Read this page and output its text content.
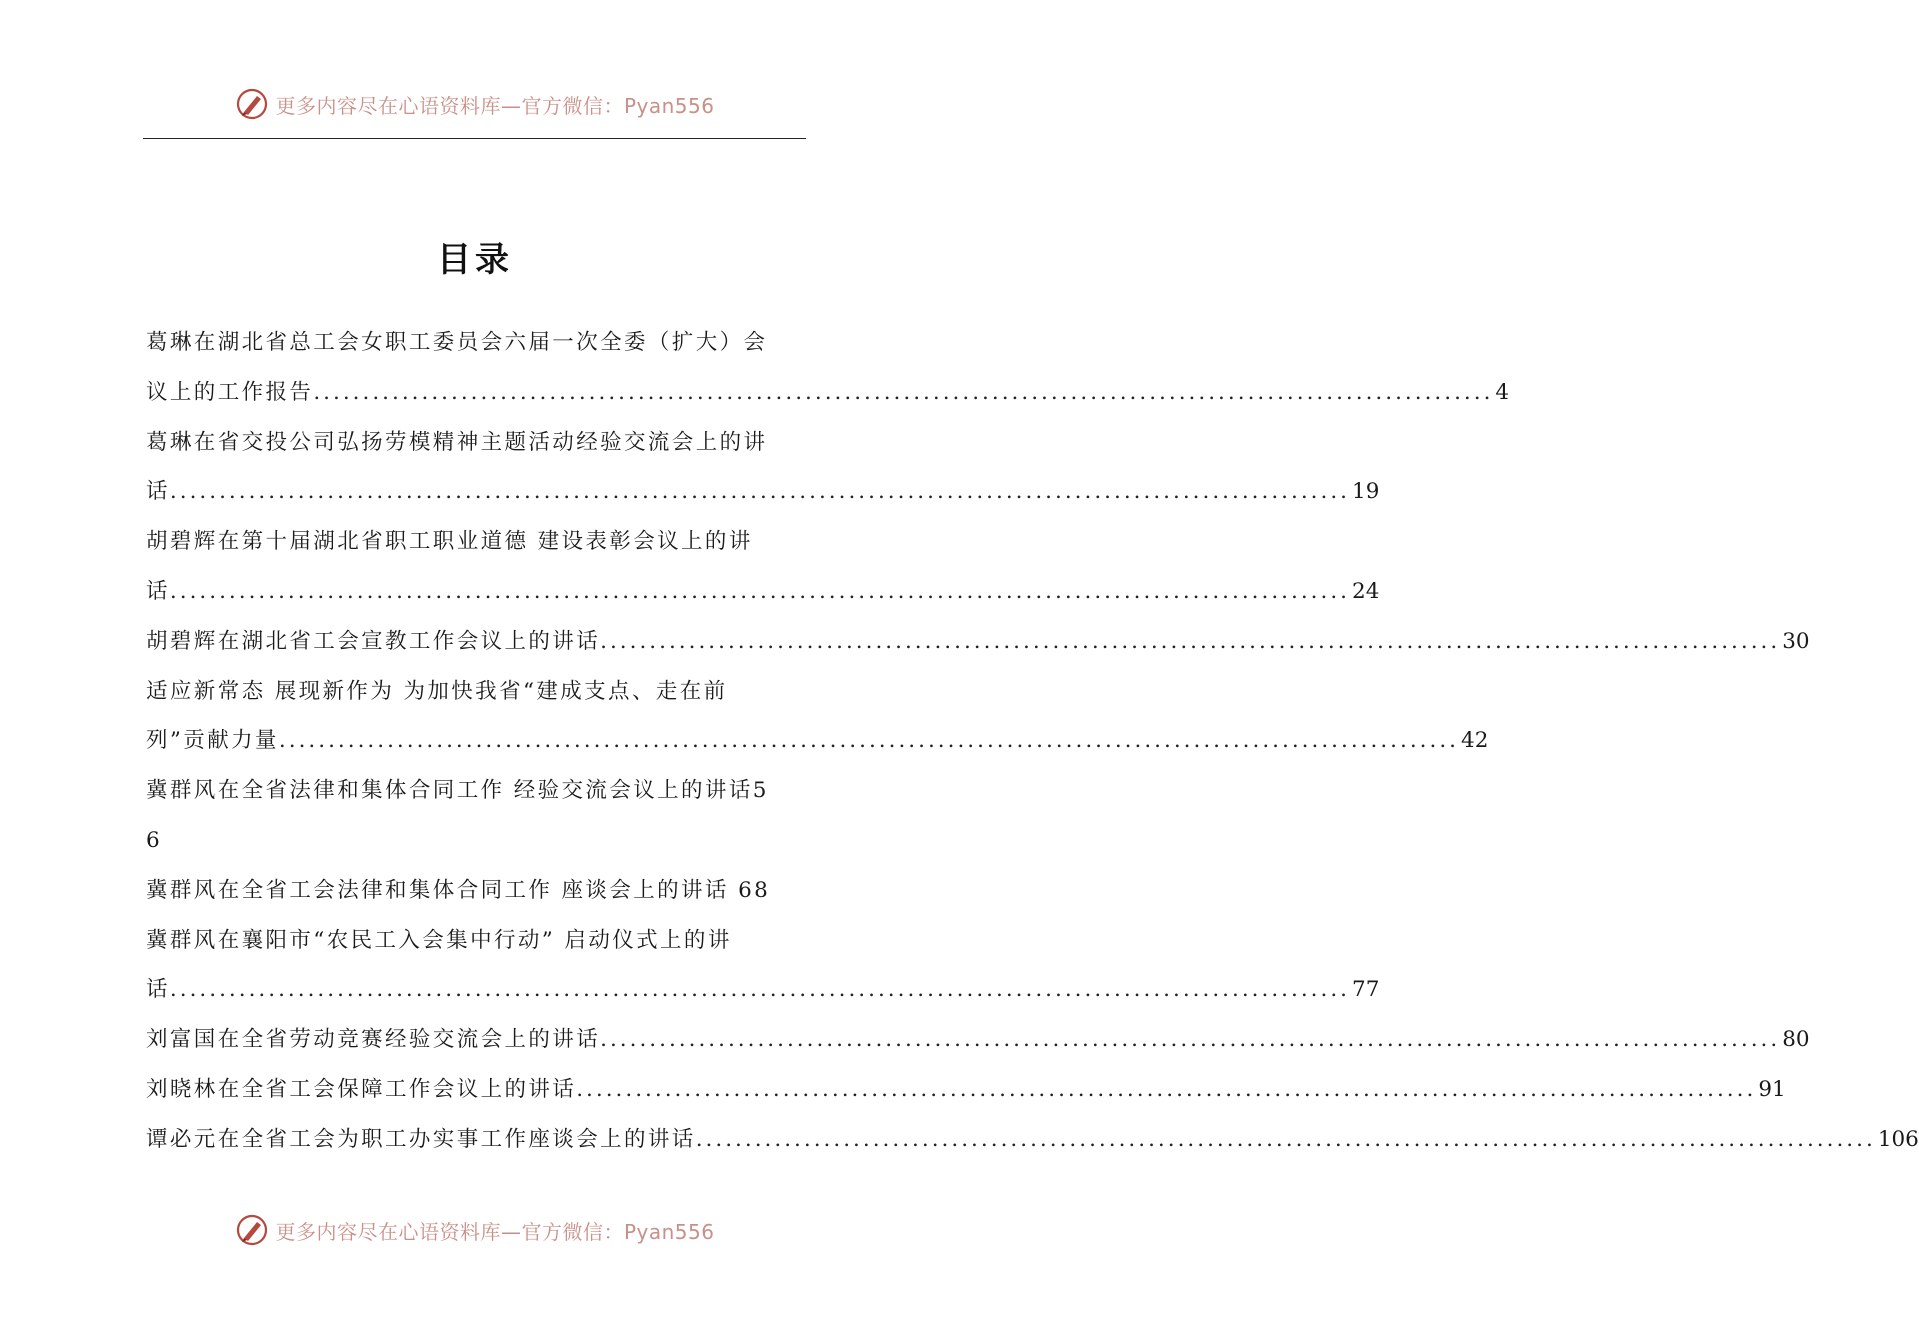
更多内容尽在心语资料库—官方微信：Pyan556
目录
葛琳在湖北省总工会女职工委员会六届一次全委（扩大）会
议上的工作报告 ........................................................................................................................ 4
葛琳在省交投公司弘扬劳模精神主题活动经验交流会上的讲
话 ........................................................................................................................ 19
胡碧辉在第十届湖北省职工职业道德 建设表彰会议上的讲
话 ........................................................................................................................ 24
胡碧辉在湖北省工会宣教工作会议上的讲话 ........................................................................................................................ 30
适应新常态 展现新作为 为加快我省“建成支点、走在前
列”贡献力量 ........................................................................................................................ 42
冀群风在全省法律和集体合同工作 经验交流会议上的讲话5
6
冀群风在全省工会法律和集体合同工作 座谈会上的讲话 68
冀群风在襄阳市“农民工入会集中行动” 启动仪式上的讲
话 ........................................................................................................................ 77
刘富国在全省劳动竞赛经验交流会上的讲话 ........................................................................................................................ 80
刘晓林在全省工会保障工作会议上的讲话 ........................................................................................................................ 91
谭必元在全省工会为职工办实事工作座谈会上的讲话 ........................................................................................................................ 106
更多内容尽在心语资料库—官方微信：Pyan556
